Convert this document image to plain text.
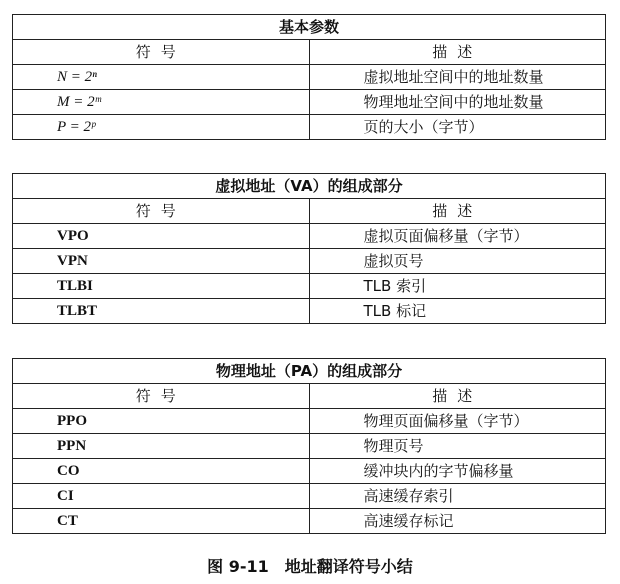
基本参数	
符号	描述
N = 2ⁿ	虚拟地址空间中的地址数量
M = 2ᵐ	物理地址空间中的地址数量
P = 2ᵖ	页的大小（字节）
虚拟地址（VA）的组成部分	
符号	描述
VPO	虚拟页面偏移量（字节）
VPN	虚拟页号
TLBI	TLB 索引
TLBT	TLB 标记
物理地址（PA）的组成部分	
符号	描述
PPO	物理页面偏移量（字节）
PPN	物理页号
CO	缓冲块内的字节偏移量
CI	高速缓存索引
CT	高速缓存标记
图 9-11 地址翻译符号小结
